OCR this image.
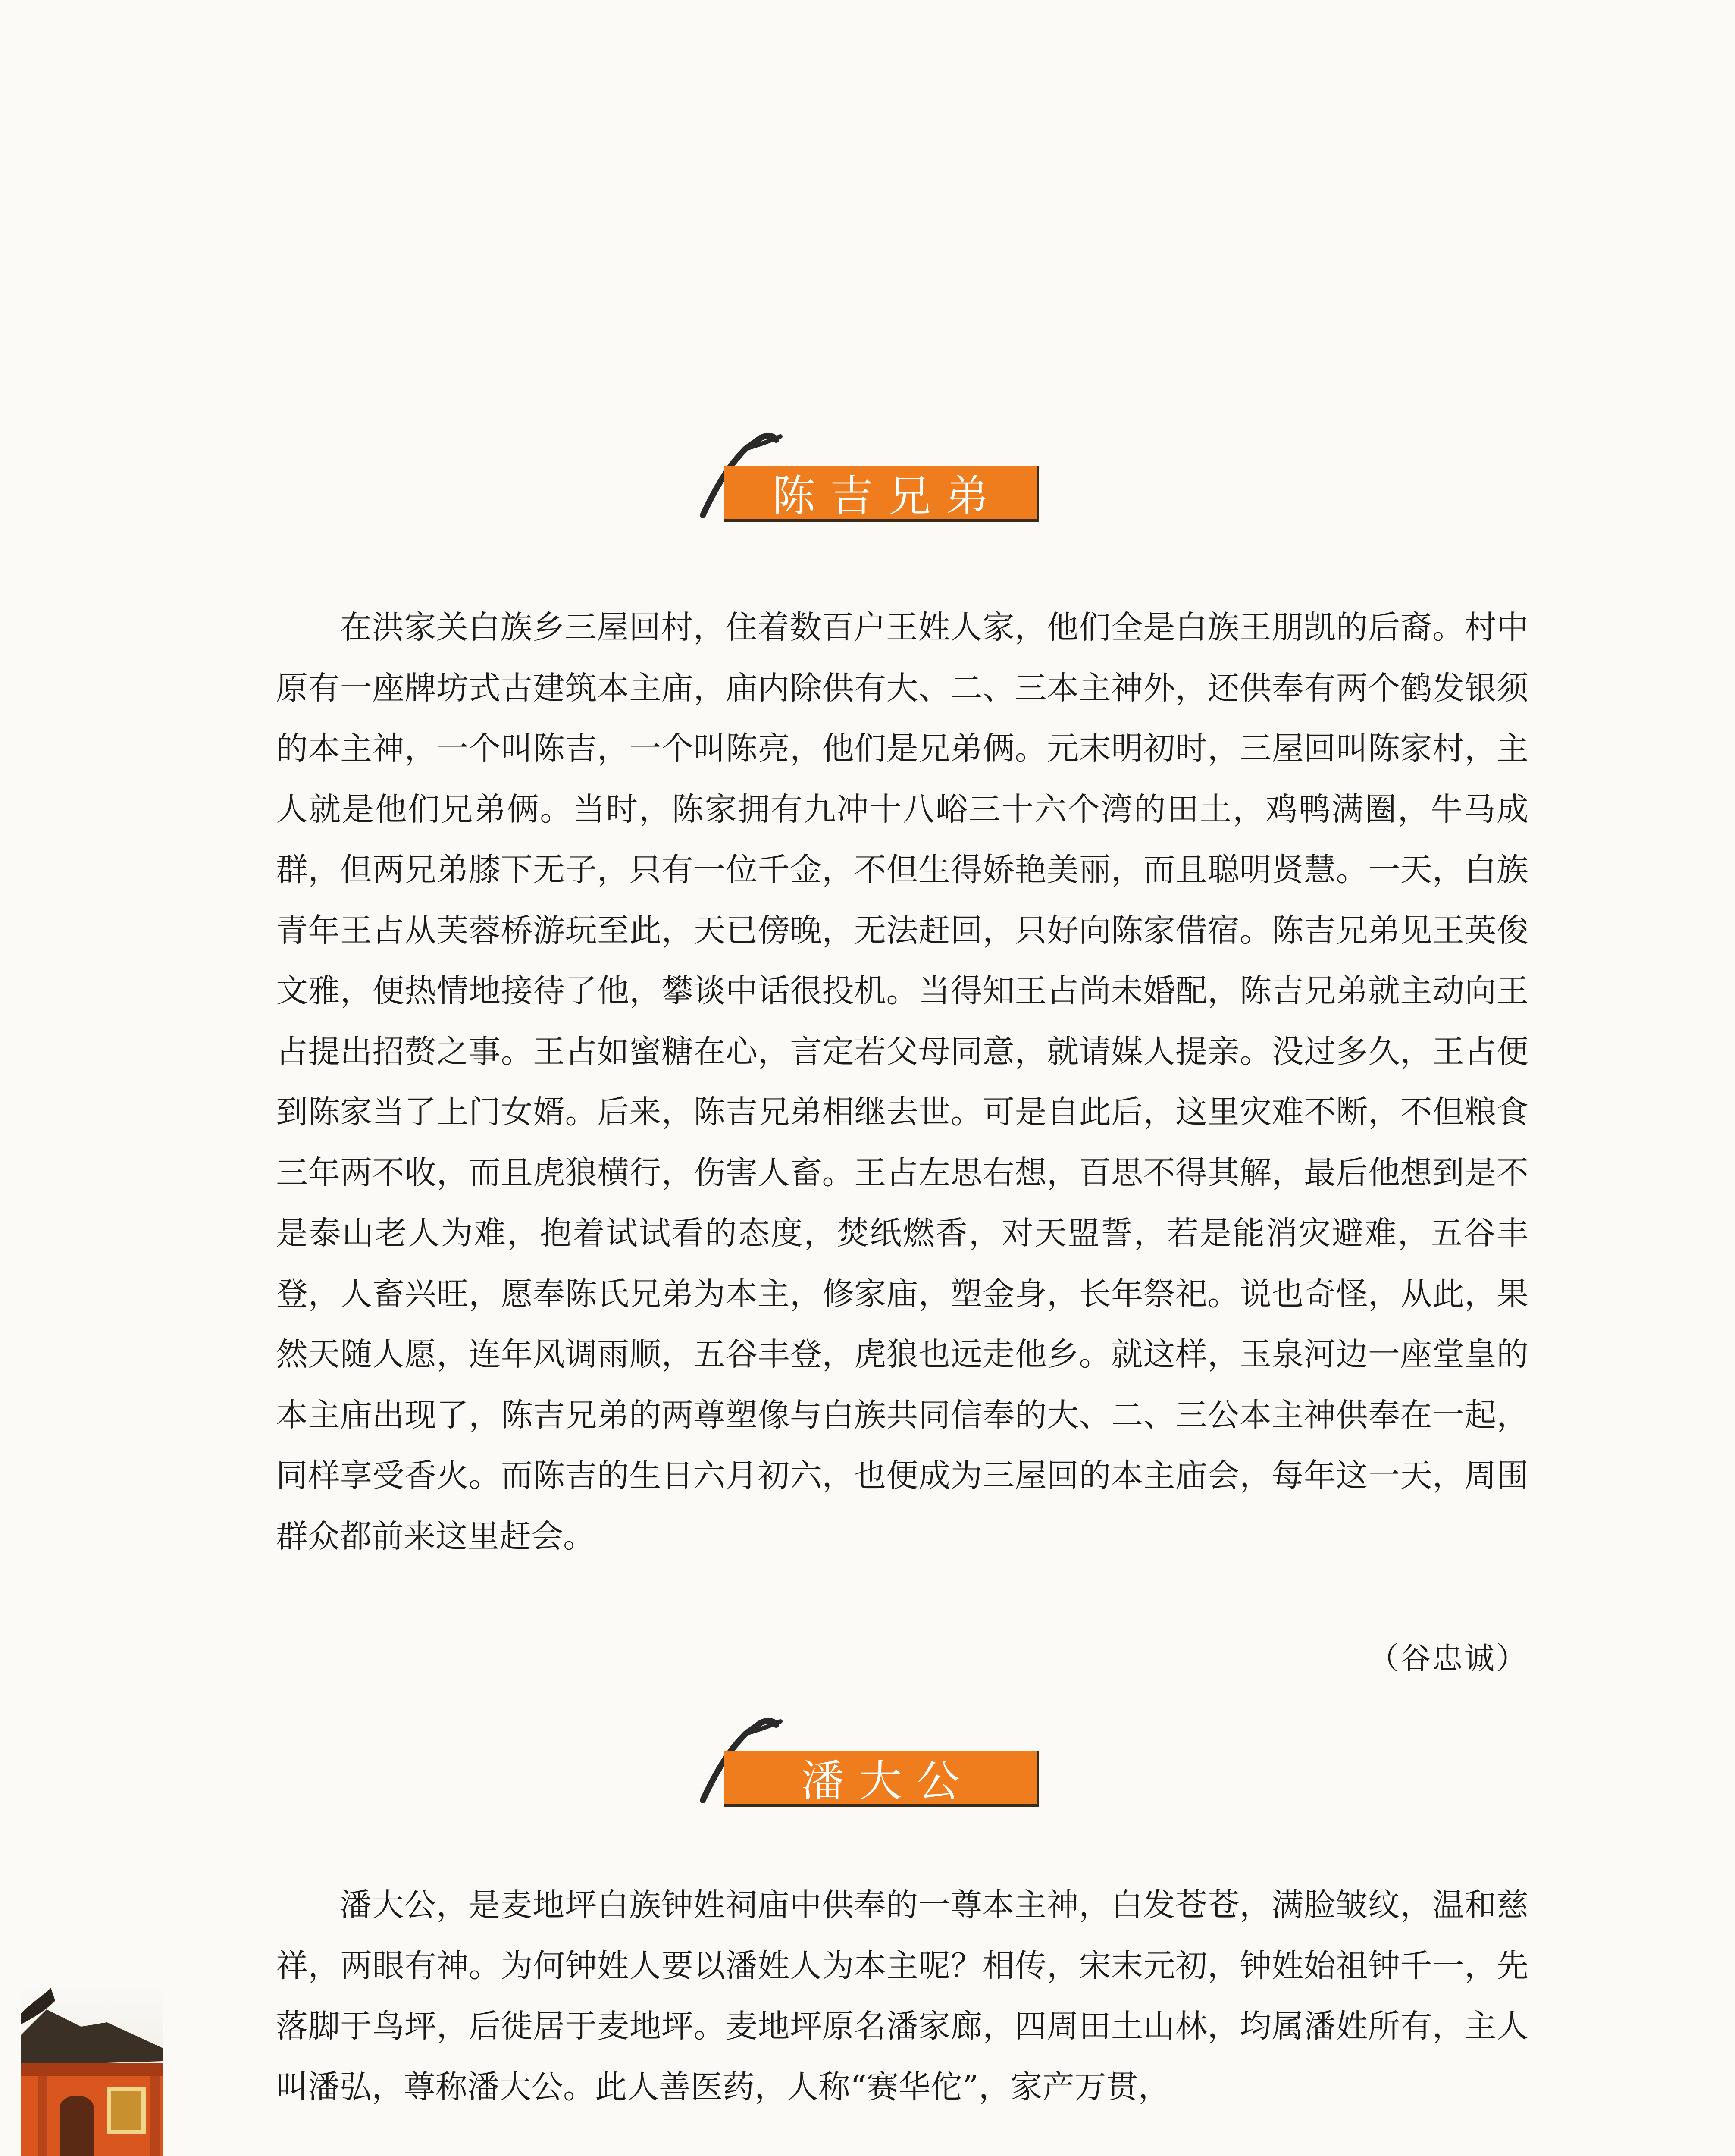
陈吉兄弟

在洪家关白族乡三屋回村，住着数百户王姓人家，他们全是白族王朋凯的后裔。村中原有一座牌坊式古建筑本主庙，庙内除供有大、二、三本主神外，还供奉有两个鹤发银须的本主神，一个叫陈吉，一个叫陈亮，他们是兄弟俩。元末明初时，三屋回叫陈家村，主人就是他们兄弟俩。当时，陈家拥有九冲十八峪三十六个湾的田土，鸡鸭满圈，牛马成群，但两兄弟膝下无子，只有一位千金，不但生得娇艳美丽，而且聪明贤慧。一天，白族青年王占从芙蓉桥游玩至此，天已傍晚，无法赶回，只好向陈家借宿。陈吉兄弟见王英俊文雅，便热情地接待了他，攀谈中话很投机。当得知王占尚未婚配，陈吉兄弟就主动向王占提出招赘之事。王占如蜜糖在心，言定若父母同意，就请媒人提亲。没过多久，王占便到陈家当了上门女婿。后来，陈吉兄弟相继去世。可是自此后，这里灾难不断，不但粮食三年两不收，而且虎狼横行，伤害人畜。王占左思右想，百思不得其解，最后他想到是不是泰山老人为难，抱着试试看的态度，焚纸燃香，对天盟誓，若是能消灾避难，五谷丰登，人畜兴旺，愿奉陈氏兄弟为本主，修家庙，塑金身，长年祭祀。说也奇怪，从此，果然天随人愿，连年风调雨顺，五谷丰登，虎狼也远走他乡。就这样，玉泉河边一座堂皇的本主庙出现了，陈吉兄弟的两尊塑像与白族共同信奉的大、二、三公本主神供奉在一起，同样享受香火。而陈吉的生日六月初六，也便成为三屋回的本主庙会，每年这一天，周围群众都前来这里赶会。

（谷忠诚）
潘大公

潘大公，是麦地坪白族钟姓祠庙中供奉的一尊本主神，白发苍苍，满脸皱纹，温和慈祥，两眼有神。为何钟姓人要以潘姓人为本主呢？相传，宋末元初，钟姓始祖钟千一，先落脚于鸟坪，后徙居于麦地坪。麦地坪原名潘家廊，四周田土山林，均属潘姓所有，主人叫潘弘，尊称潘大公。此人善医药，人称“赛华佗”，家产万贯，
